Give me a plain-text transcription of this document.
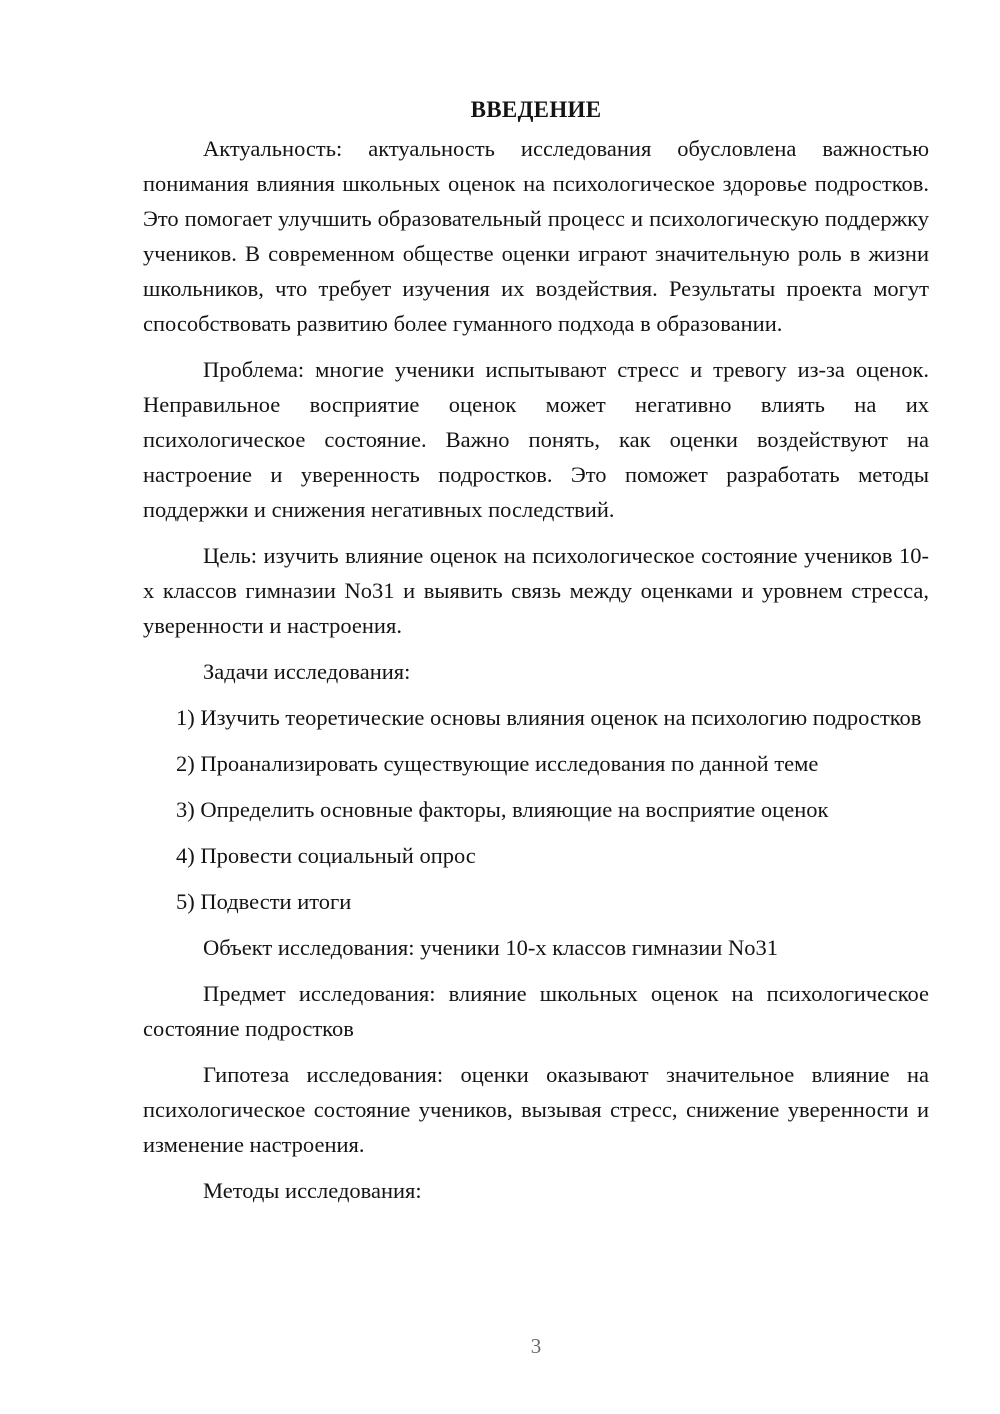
ВВЕДЕНИЕ

Актуальность: актуальность исследования обусловлена важностью понимания влияния школьных оценок на психологическое здоровье подростков. Это помогает улучшить образовательный процесс и психологическую поддержку учеников. В современном обществе оценки играют значительную роль в жизни школьников, что требует изучения их воздействия. Результаты проекта могут способствовать развитию более гуманного подхода в образовании.

Проблема: многие ученики испытывают стресс и тревогу из-за оценок. Неправильное восприятие оценок может негативно влиять на их психологическое состояние. Важно понять, как оценки воздействуют на настроение и уверенность подростков. Это поможет разработать методы поддержки и снижения негативных последствий.

Цель: изучить влияние оценок на психологическое состояние учеников 10-х классов гимназии No31 и выявить связь между оценками и уровнем стресса, уверенности и настроения.

Задачи исследования:

1) Изучить теоретические основы влияния оценок на психологию подростков

2) Проанализировать существующие исследования по данной теме

3) Определить основные факторы, влияющие на восприятие оценок

4) Провести социальный опрос

5) Подвести итоги

Объект исследования: ученики 10-х классов гимназии No31

Предмет исследования: влияние школьных оценок на психологическое состояние подростков

Гипотеза исследования: оценки оказывают значительное влияние на психологическое состояние учеников, вызывая стресс, снижение уверенности и изменение настроения.

Методы исследования:

3
